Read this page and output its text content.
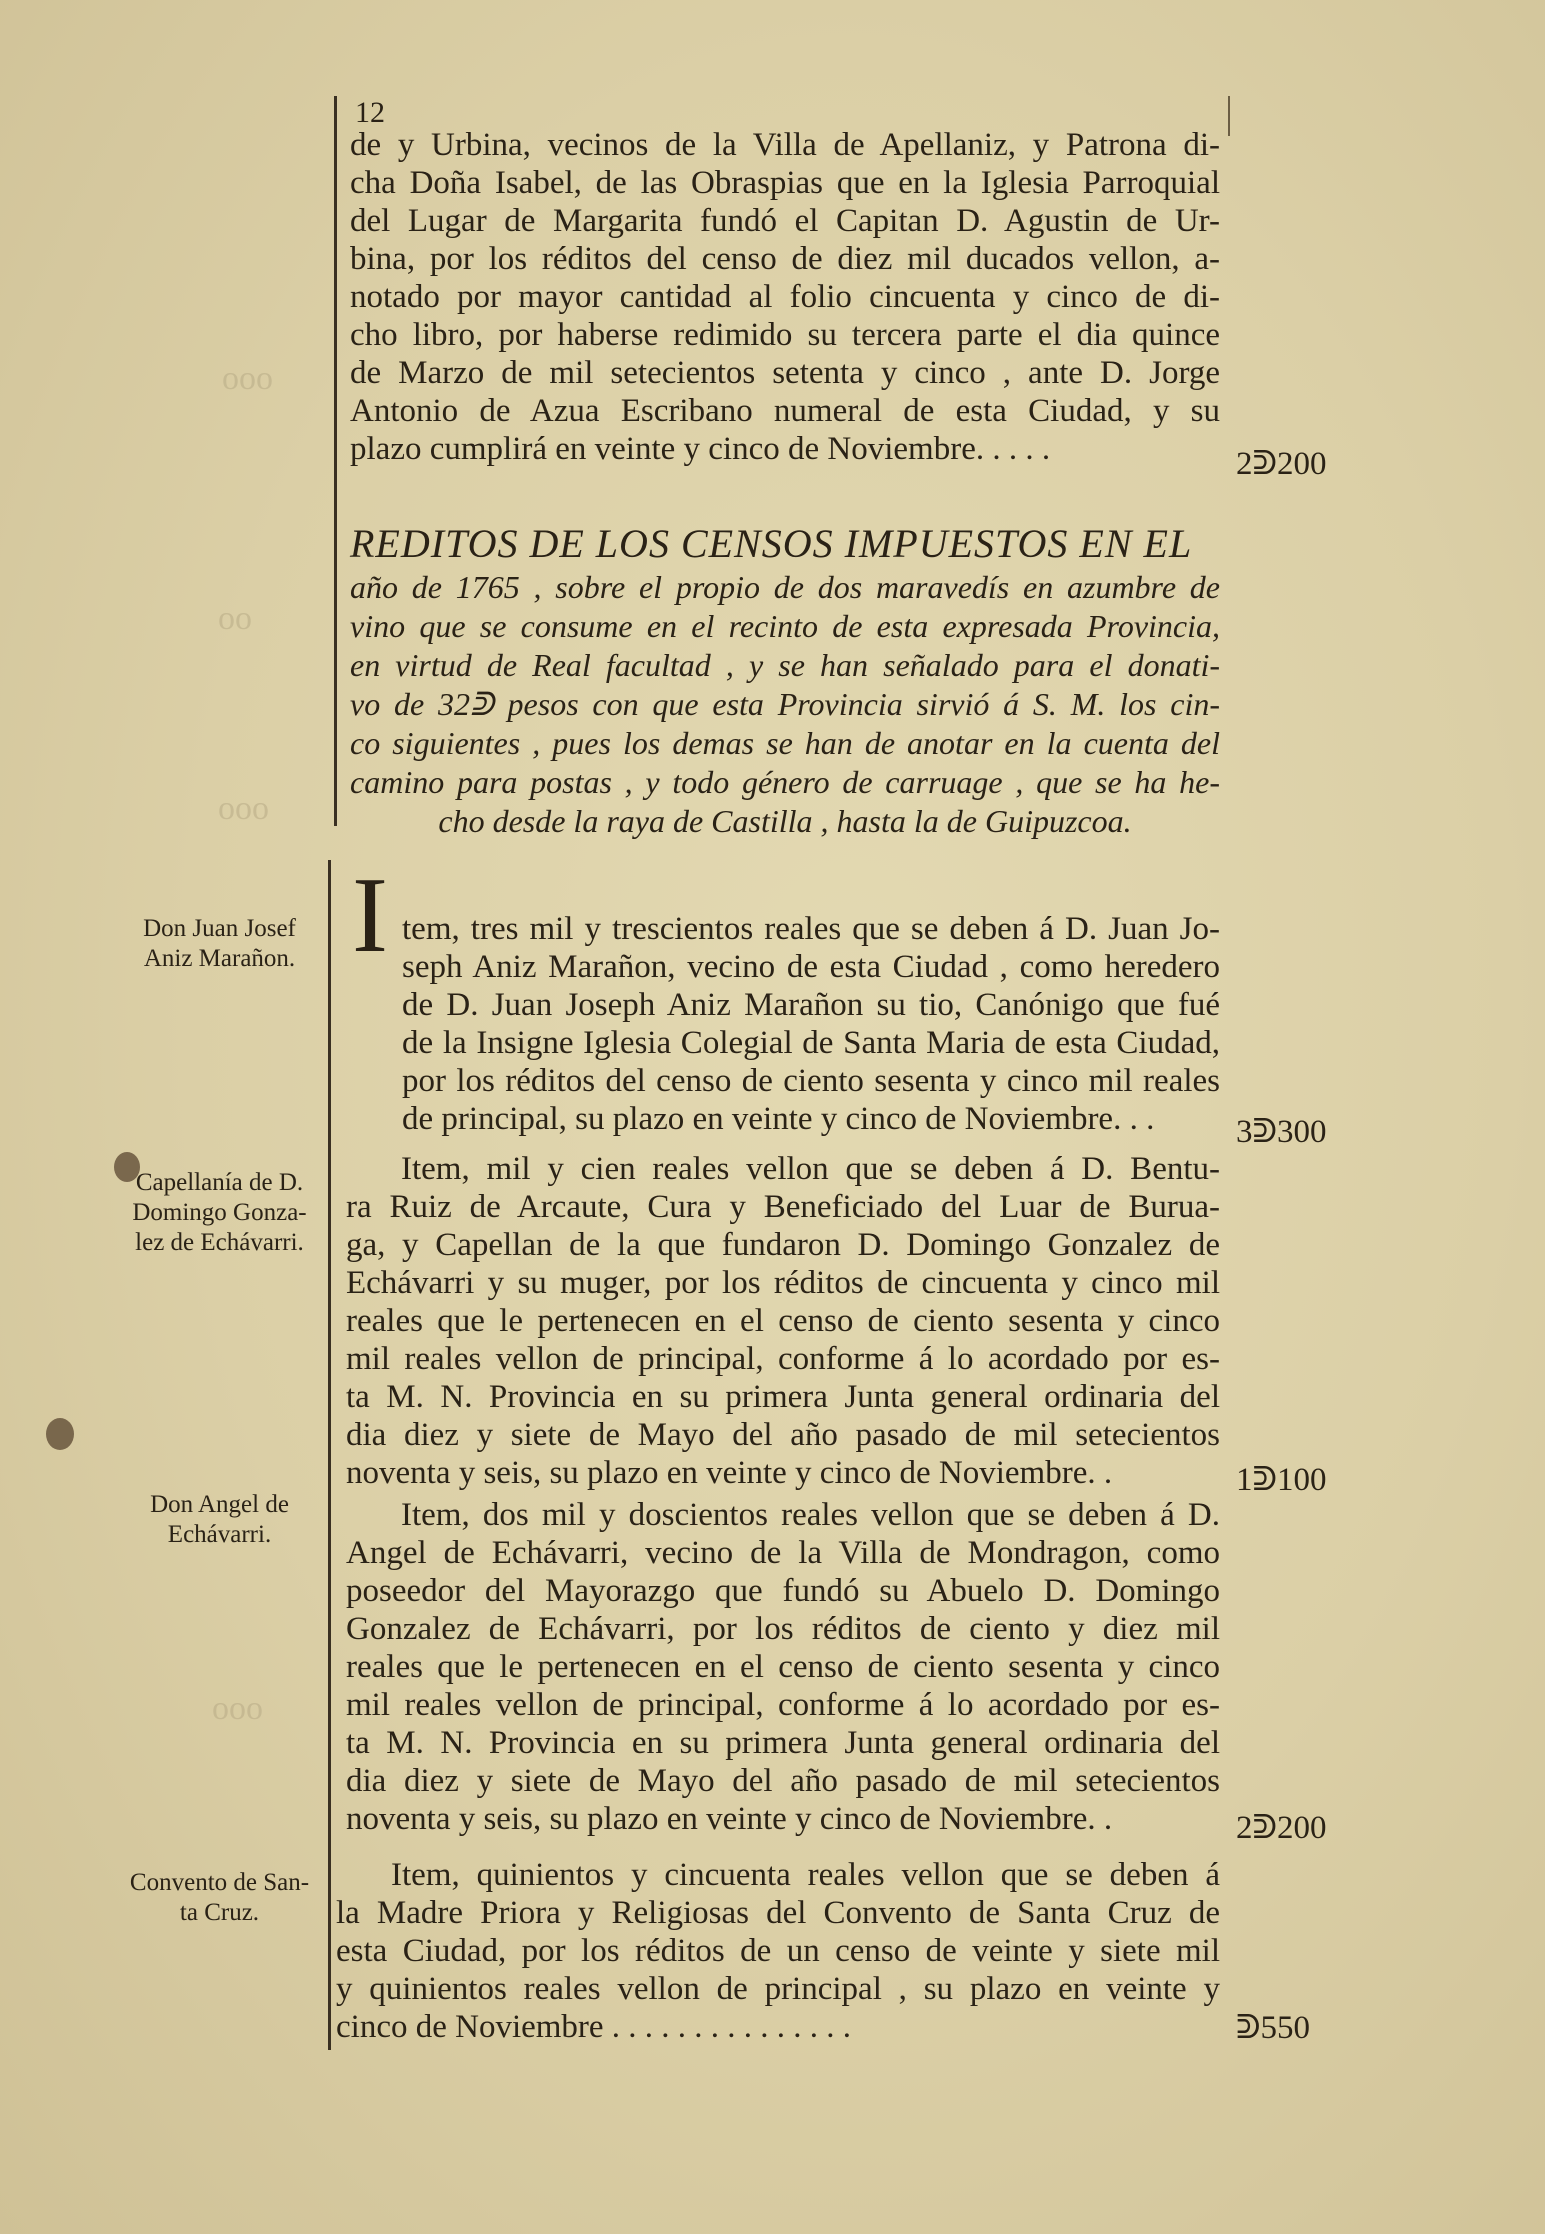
ooo
oo
ooo
ooo
12
de y Urbina, vecinos de la Villa de Apellaniz, y Patrona di-
cha Doña Isabel, de las Obraspias que en la Iglesia Parroquial
del Lugar de Margarita fundó el Capitan D. Agustin de Ur-
bina, por los réditos del censo de diez mil ducados vellon, a-
notado por mayor cantidad al folio cincuenta y cinco de di-
cho libro, por haberse redimido su tercera parte el dia quince
de Marzo de mil setecientos setenta y cinco , ante D. Jorge
Antonio de Azua Escribano numeral de esta Ciudad, y su
plazo cumplirá en veinte y cinco de Noviembre. . . . .	2ᕲ200
REDITOS DE LOS CENSOS IMPUESTOS EN EL
año de 1765 , sobre el propio de dos maravedís en azumbre de
vino que se consume en el recinto de esta expresada Provincia,
en virtud de Real facultad , y se han señalado para el donati-
vo de 32ᕲ pesos con que esta Provincia sirvió á S. M. los cin-
co siguientes , pues los demas se han de anotar en la cuenta del
camino para postas , y todo género de carruage , que se ha he-
cho desde la raya de Castilla , hasta la de Guipuzcoa.
Don Juan Josef
Aniz Marañon. I tem, tres mil y trescientos reales que se deben á D. Juan Jo-
seph Aniz Marañon, vecino de esta Ciudad , como heredero
de D. Juan Joseph Aniz Marañon su tio, Canónigo que fué
de la Insigne Iglesia Colegial de Santa Maria de esta Ciudad,
por los réditos del censo de ciento sesenta y cinco mil reales
de principal, su plazo en veinte y cinco de Noviembre. . .	3ᕲ300
Capellanía de D.
Domingo Gonza-
lez de Echávarri.
Item, mil y cien reales vellon que se deben á D. Bentu-
ra Ruiz de Arcaute, Cura y Beneficiado del Luar de Burua-
ga, y Capellan de la que fundaron D. Domingo Gonzalez de
Echávarri y su muger, por los réditos de cincuenta y cinco mil
reales que le pertenecen en el censo de ciento sesenta y cinco
mil reales vellon de principal, conforme á lo acordado por es-
ta M. N. Provincia en su primera Junta general ordinaria del
dia diez y siete de Mayo del año pasado de mil setecientos
noventa y seis, su plazo en veinte y cinco de Noviembre. .	1ᕲ100
Don Angel de
Echávarri.
Item, dos mil y doscientos reales vellon que se deben á D.
Angel de Echávarri, vecino de la Villa de Mondragon, como
poseedor del Mayorazgo que fundó su Abuelo D. Domingo
Gonzalez de Echávarri, por los réditos de ciento y diez mil
reales que le pertenecen en el censo de ciento sesenta y cinco
mil reales vellon de principal, conforme á lo acordado por es-
ta M. N. Provincia en su primera Junta general ordinaria del
dia diez y siete de Mayo del año pasado de mil setecientos
noventa y seis, su plazo en veinte y cinco de Noviembre. .	2ᕲ200
Convento de San-
ta Cruz.
Item, quinientos y cincuenta reales vellon que se deben á
la Madre Priora y Religiosas del Convento de Santa Cruz de
esta Ciudad, por los réditos de un censo de veinte y siete mil
y quinientos reales vellon de principal , su plazo en veinte y
cinco de Noviembre . . . . . . . . . . . . . . .	ᕲ550
